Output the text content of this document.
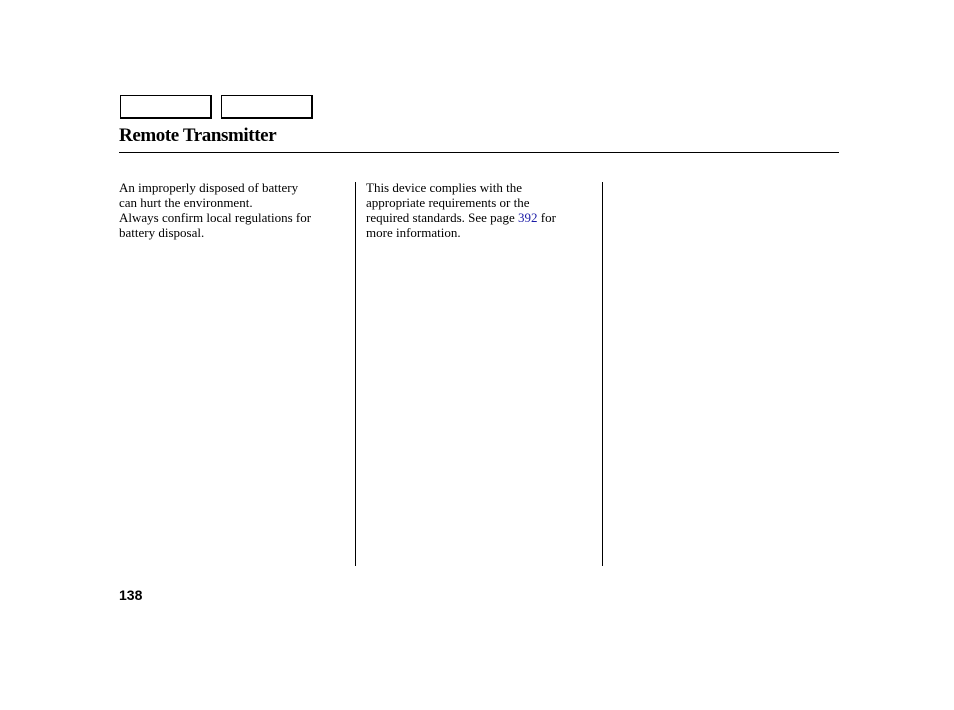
Remote Transmitter

An improperly disposed of battery
can hurt the environment.

Always confirm local regulations for
battery disposal.

This device complies with the
appropriate requirements or the
required standards. See page 392 for
more information.

138
